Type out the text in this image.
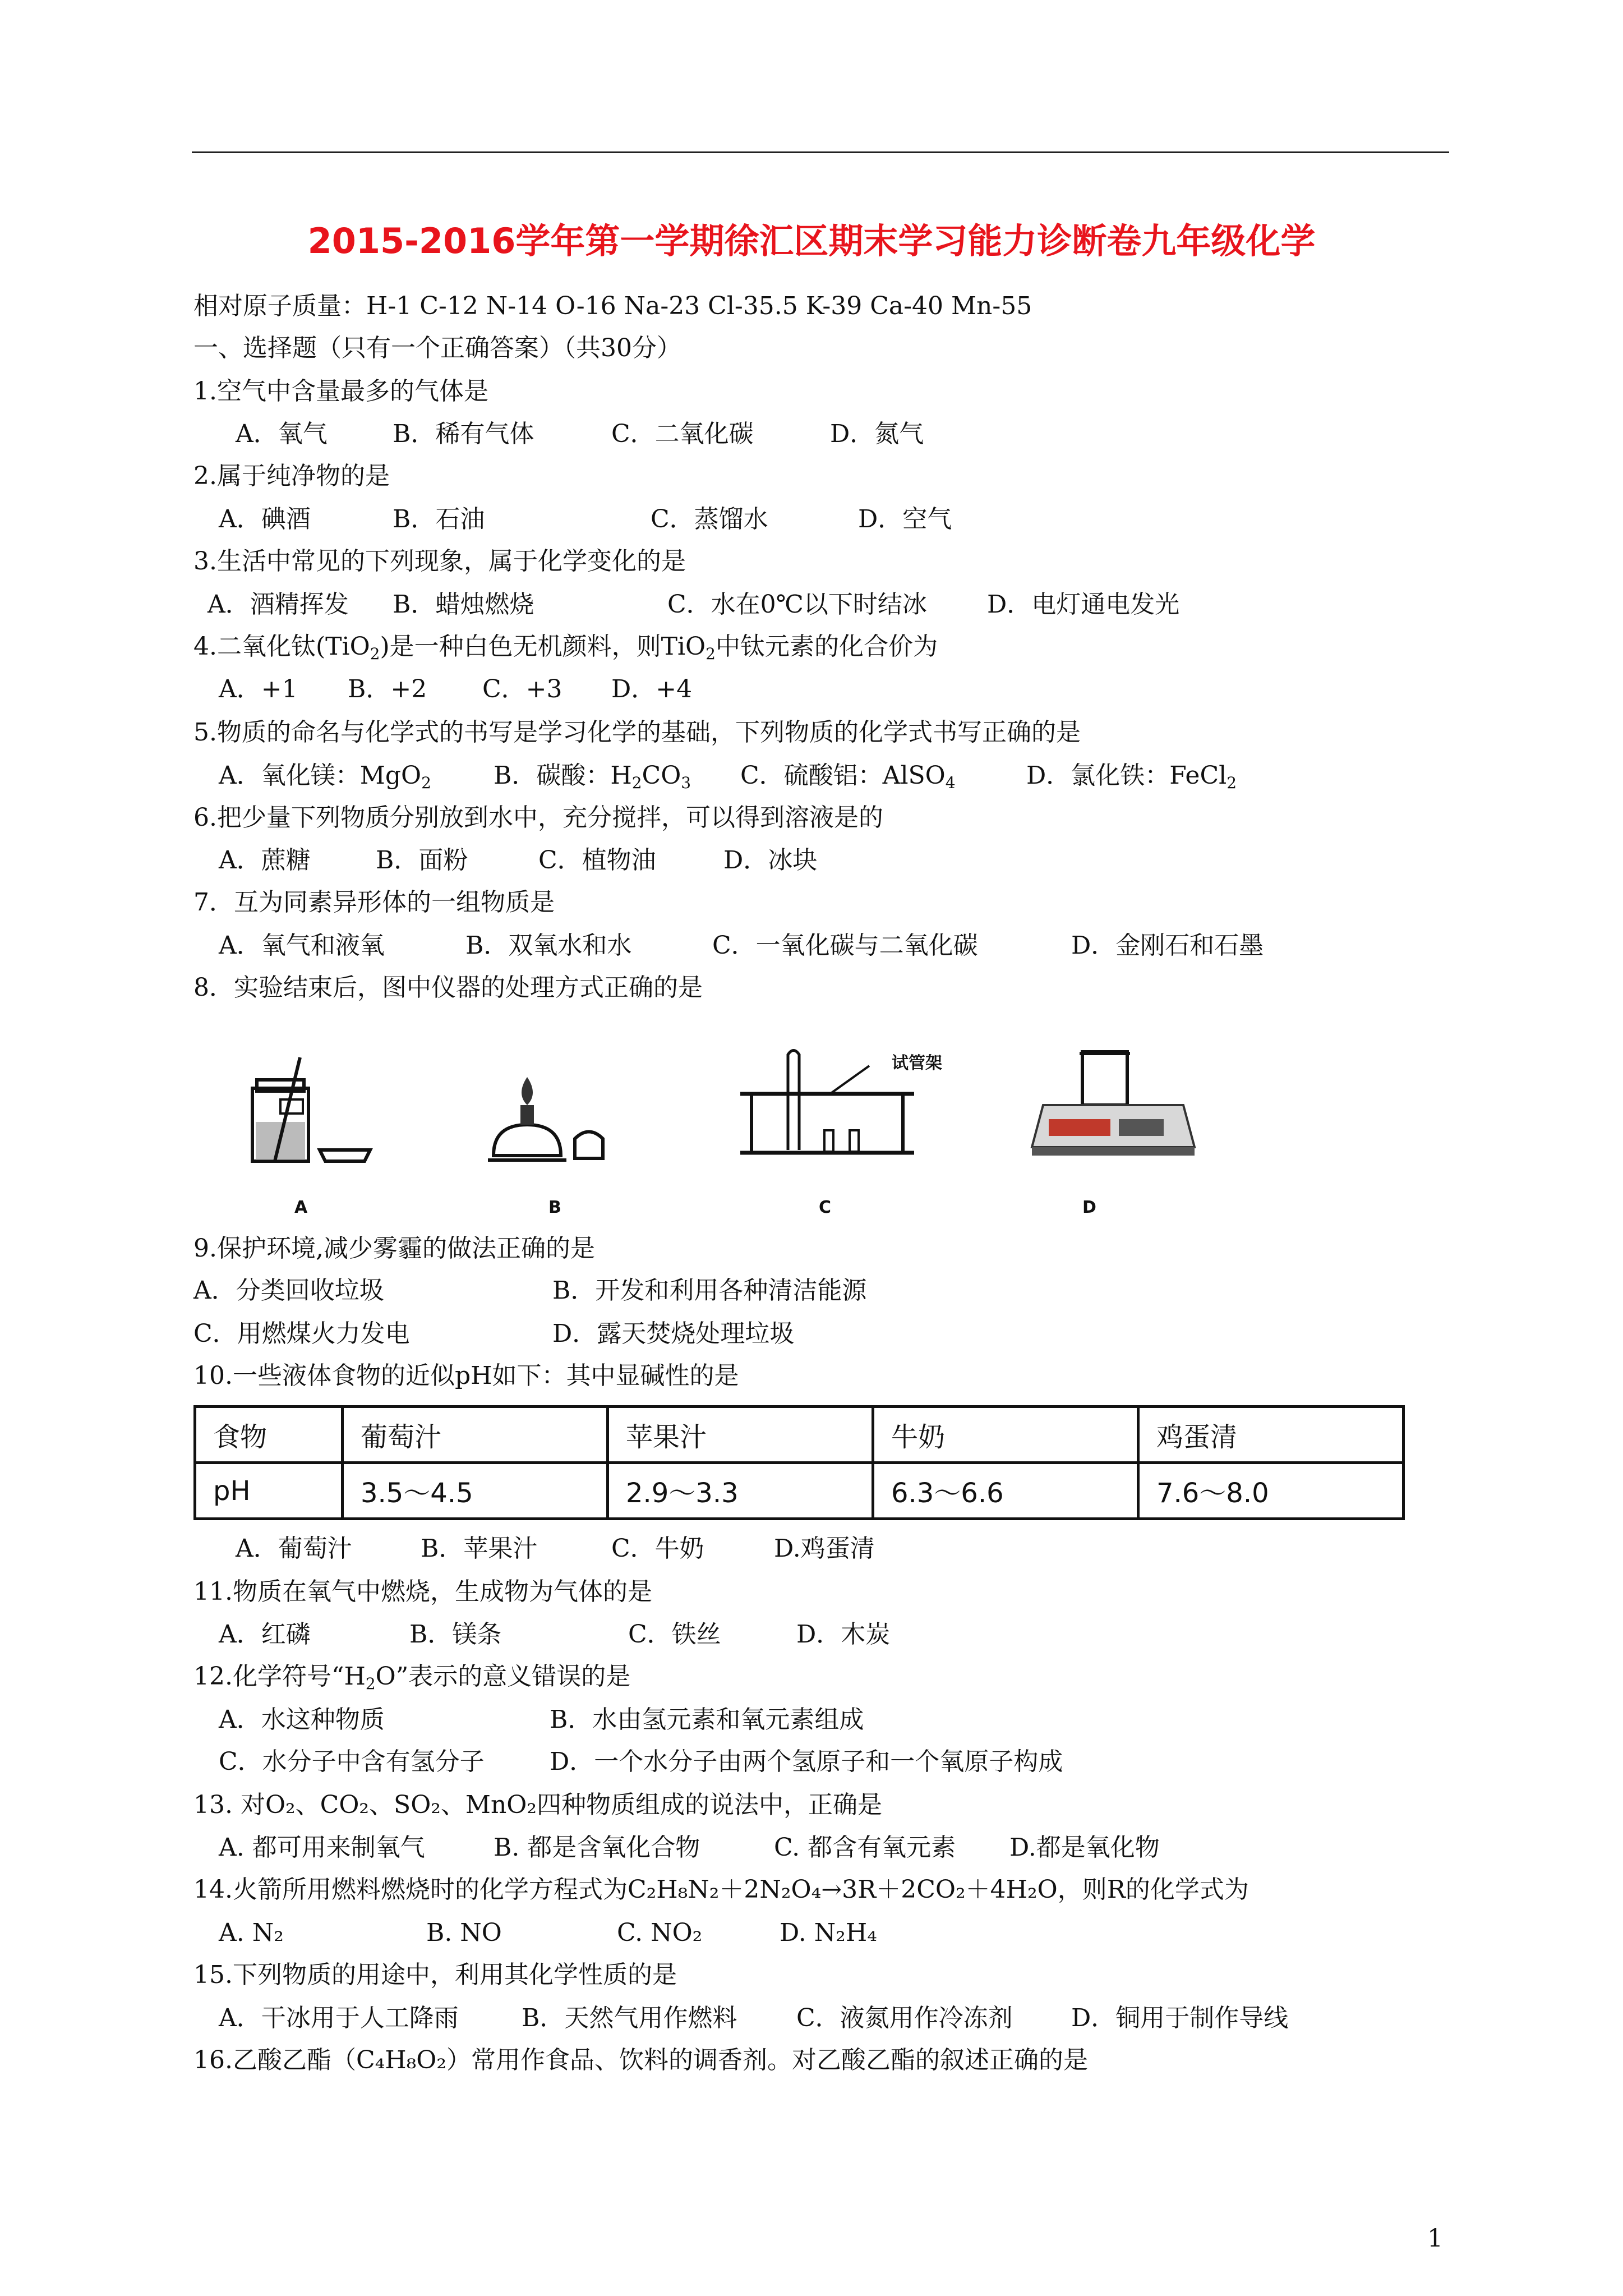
2015-2016学年第一学期徐汇区期末学习能力诊断卷九年级化学
相对原子质量：H-1 C-12 N-14 O-16 Na-23 Cl-35.5 K-39 Ca-40 Mn-55
一、选择题（只有一个正确答案）（共30分）
1.空气中含量最多的气体是
A．氧气	B．稀有气体	C．二氧化碳	D．氮气
2.属于纯净物的是
A．碘酒	B．石油	C．蒸馏水	D．空气
3.生活中常见的下列现象，属于化学变化的是
A．酒精挥发 B．蜡烛燃烧	C．水在0℃以下时结冰 D．电灯通电发光
4.二氧化钛(TiO$_2$)是一种白色无机颜料，则TiO$_2$中钛元素的化合价为
A．+1 B．+2 C．+3 D．+4
5.物质的命名与化学式的书写是学习化学的基础，下列物质的化学式书写正确的是
A．氧化镁：MgO$_2$	B．碳酸：$H_2CO_3$ C．硫酸铝：AlSO$_4$	D．氯化铁：FeCl$_2$
6.把少量下列物质分别放到水中，充分搅拌，可以得到溶液是的
A．蔗糖	B．面粉	C．植物油	D．冰块
7．互为同素异形体的一组物质是
A．氧气和液氧	B．双氧水和水	C．一氧化碳与二氧化碳	D．金刚石和石墨
8．实验结束后，图中仪器的处理方式正确的是
试管架
A	B	C	D
9.保护环境,减少雾霾的做法正确的是
A．分类回收垃圾	B．开发和利用各种清洁能源
C．用燃煤火力发电	D．露天焚烧处理垃圾
10.一些液体食物的近似pH如下：其中显碱性的是
食物	葡萄汁	苹果汁	牛奶	鸡蛋清
pH	3.5～4.5	2.9～3.3	6.3～6.6	7.6～8.0
A．葡萄汁	B．苹果汁	C．牛奶	D.鸡蛋清
11.物质在氧气中燃烧，生成物为气体的是
A．红磷	B．镁条	C．铁丝	D．木炭
12.化学符号“$H_2O$”表示的意义错误的是
A．水这种物质	B．水由氢元素和氧元素组成
C．水分子中含有氢分子	D．一个水分子由两个氢原子和一个氧原子构成
13. 对O₂、CO₂、SO₂、MnO₂四种物质组成的说法中，正确是
A. 都可用来制氧气	B. 都是含氧化合物	C. 都含有氧元素 D.都是氧化物
14.火箭所用燃料燃烧时的化学方程式为C₂H₈N₂＋2N₂O₄→3R＋2CO₂＋4H₂O，则R的化学式为
A. N₂	B. NO	C. NO₂	D. N₂H₄
15.下列物质的用途中，利用其化学性质的是
A．干冰用于人工降雨	B．天然气用作燃料 C．液氮用作冷冻剂 D．铜用于制作导线
16.乙酸乙酯（C₄H₈O₂）常用作食品、饮料的调香剂。对乙酸乙酯的叙述正确的是
1
